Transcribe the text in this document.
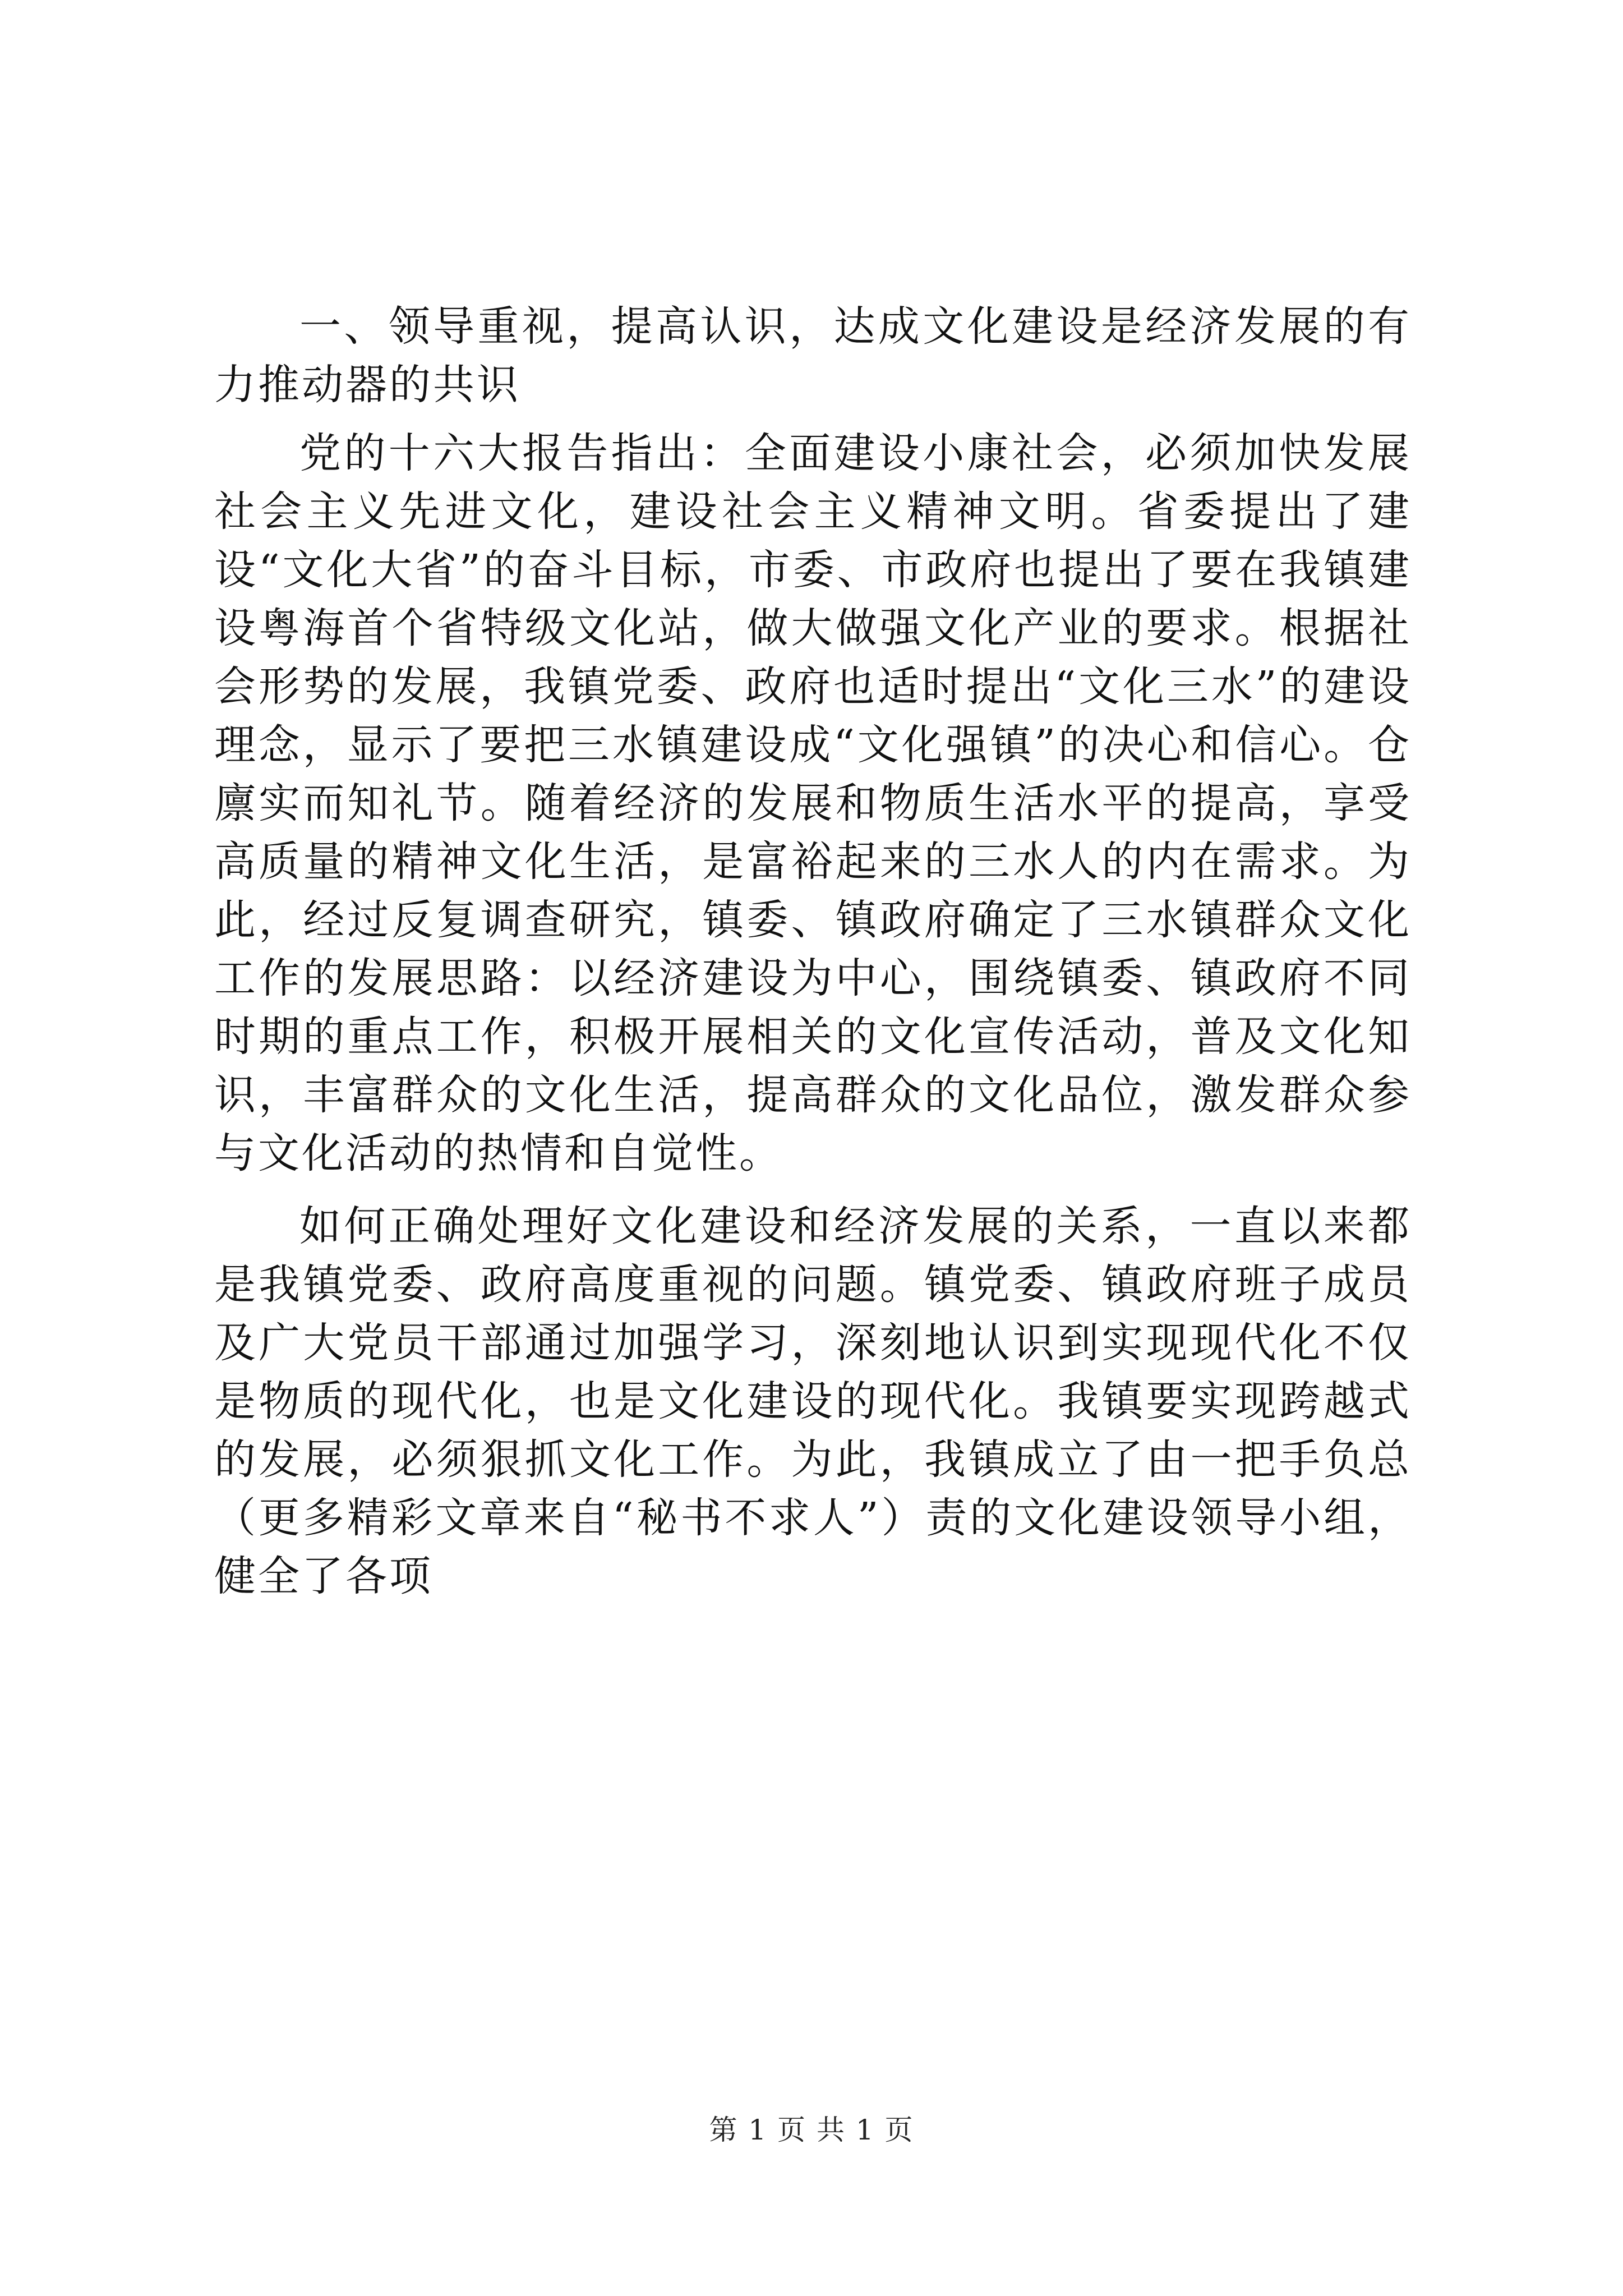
一、领导重视，提高认识，达成文化建设是经济发展的有力推动器的共识

党的十六大报告指出：全面建设小康社会，必须加快发展社会主义先进文化，建设社会主义精神文明。省委提出了建设“文化大省”的奋斗目标，市委、市政府也提出了要在我镇建设粤海首个省特级文化站，做大做强文化产业的要求。根据社会形势的发展，我镇党委、政府也适时提出“文化三水”的建设理念，显示了要把三水镇建设成“文化强镇”的决心和信心。仓廪实而知礼节。随着经济的发展和物质生活水平的提高，享受高质量的精神文化生活，是富裕起来的三水人的内在需求。为此，经过反复调查研究，镇委、镇政府确定了三水镇群众文化工作的发展思路：以经济建设为中心，围绕镇委、镇政府不同时期的重点工作，积极开展相关的文化宣传活动，普及文化知识，丰富群众的文化生活，提高群众的文化品位，激发群众参与文化活动的热情和自觉性。

如何正确处理好文化建设和经济发展的关系，一直以来都是我镇党委、政府高度重视的问题。镇党委、镇政府班子成员及广大党员干部通过加强学习，深刻地认识到实现现代化不仅是物质的现代化，也是文化建设的现代化。我镇要实现跨越式的发展，必须狠抓文化工作。为此，我镇成立了由一把手负总（更多精彩文章来自“秘书不求人”）责的文化建设领导小组，健全了各项

第 1 页 共 1 页
